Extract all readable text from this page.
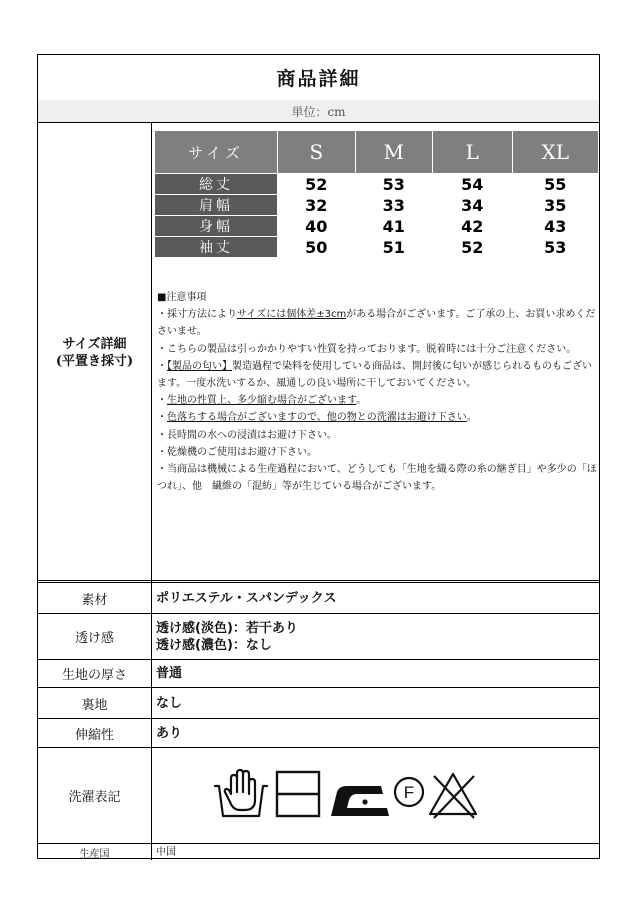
商品詳細
単位：cm
サイズ詳細
(平置き採寸)
サイズ	S	M	L	XL
総丈	52	53	54	55
肩幅	32	33	34	35
身幅	40	41	42	43
袖丈	50	51	52	53
■注意事項
・採寸方法によりサイズには個体差±3cmがある場合がございます。ご了承の上、お買い求めくださいませ。
・こちらの製品は引っかかりやすい性質を持っております。脱着時には十分ご注意ください。
・【製品の匂い】製造過程で染料を使用している商品は、開封後に匂いが感じられるものもございます。一度水洗いするか、風通しの良い場所に干しておいてください。
・生地の性質上、多少縮む場合がございます。
・色落ちする場合がございますので、他の物との洗濯はお避け下さい。
・長時間の水への浸漬はお避け下さい。
・乾燥機のご使用はお避け下さい。
・当商品は機械による生産過程において、どうしても「生地を織る際の糸の継ぎ目」や多少の「ほつれ」、他　繊維の「混紡」等が生じている場合がございます。
素材	ポリエステル・スパンデックス
透け感
透け感(淡色)：若干あり
透け感(濃色)：なし
生地の厚さ	普通
裏地	なし
伸縮性	あり
洗濯表記	F
生産国	中国
